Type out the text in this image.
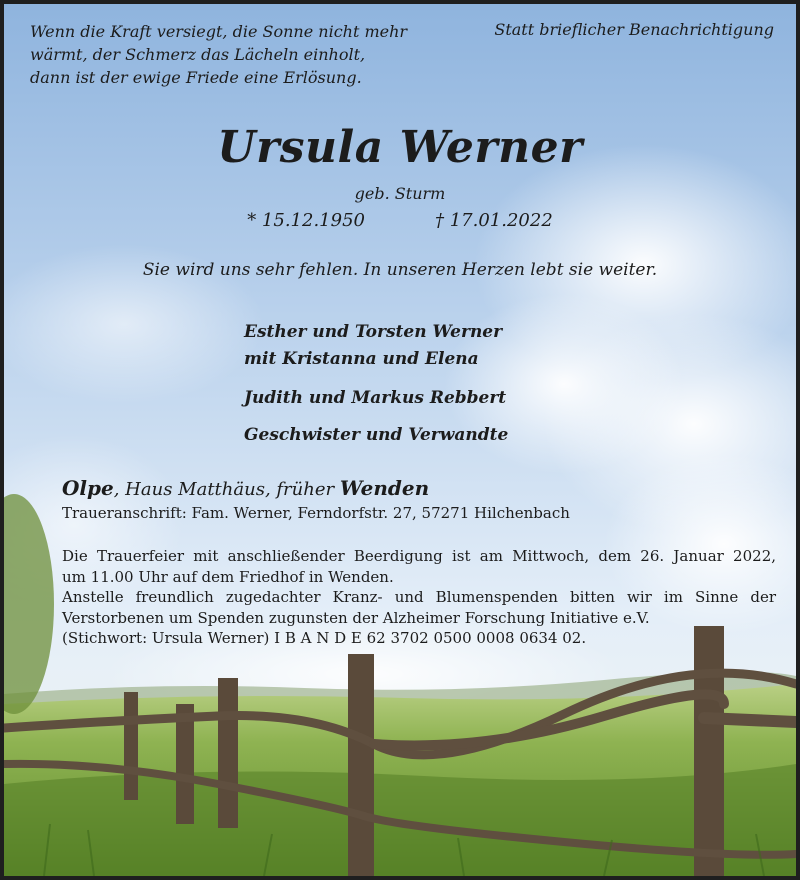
Wenn die Kraft versiegt, die Sonne nicht mehr
wärmt, der Schmerz das Lächeln einholt,
dann ist der ewige Friede eine Erlösung.
Statt brieflicher Benachrichtigung
Ursula Werner
geb. Sturm
* 15.12.1950	† 17.01.2022
Sie wird uns sehr fehlen. In unseren Herzen lebt sie weiter.
Esther und Torsten Werner
mit Kristanna und Elena
Judith und Markus Rebbert
Geschwister und Verwandte
Olpe, Haus Matthäus, früher Wenden
Traueranschrift: Fam. Werner, Ferndorfstr. 27, 57271 Hilchenbach
Die Trauerfeier mit anschließender Beerdigung ist am Mittwoch, dem 26. Januar 2022,
um 11.00 Uhr auf dem Friedhof in Wenden.
Anstelle freundlich zugedachter Kranz- und Blumenspenden bitten wir im Sinne der
Verstorbenen um Spenden zugunsten der Alzheimer Forschung Initiative e.V.
(Stichwort: Ursula Werner) I B A N D E 62 3702 0500 0008 0634 02.
